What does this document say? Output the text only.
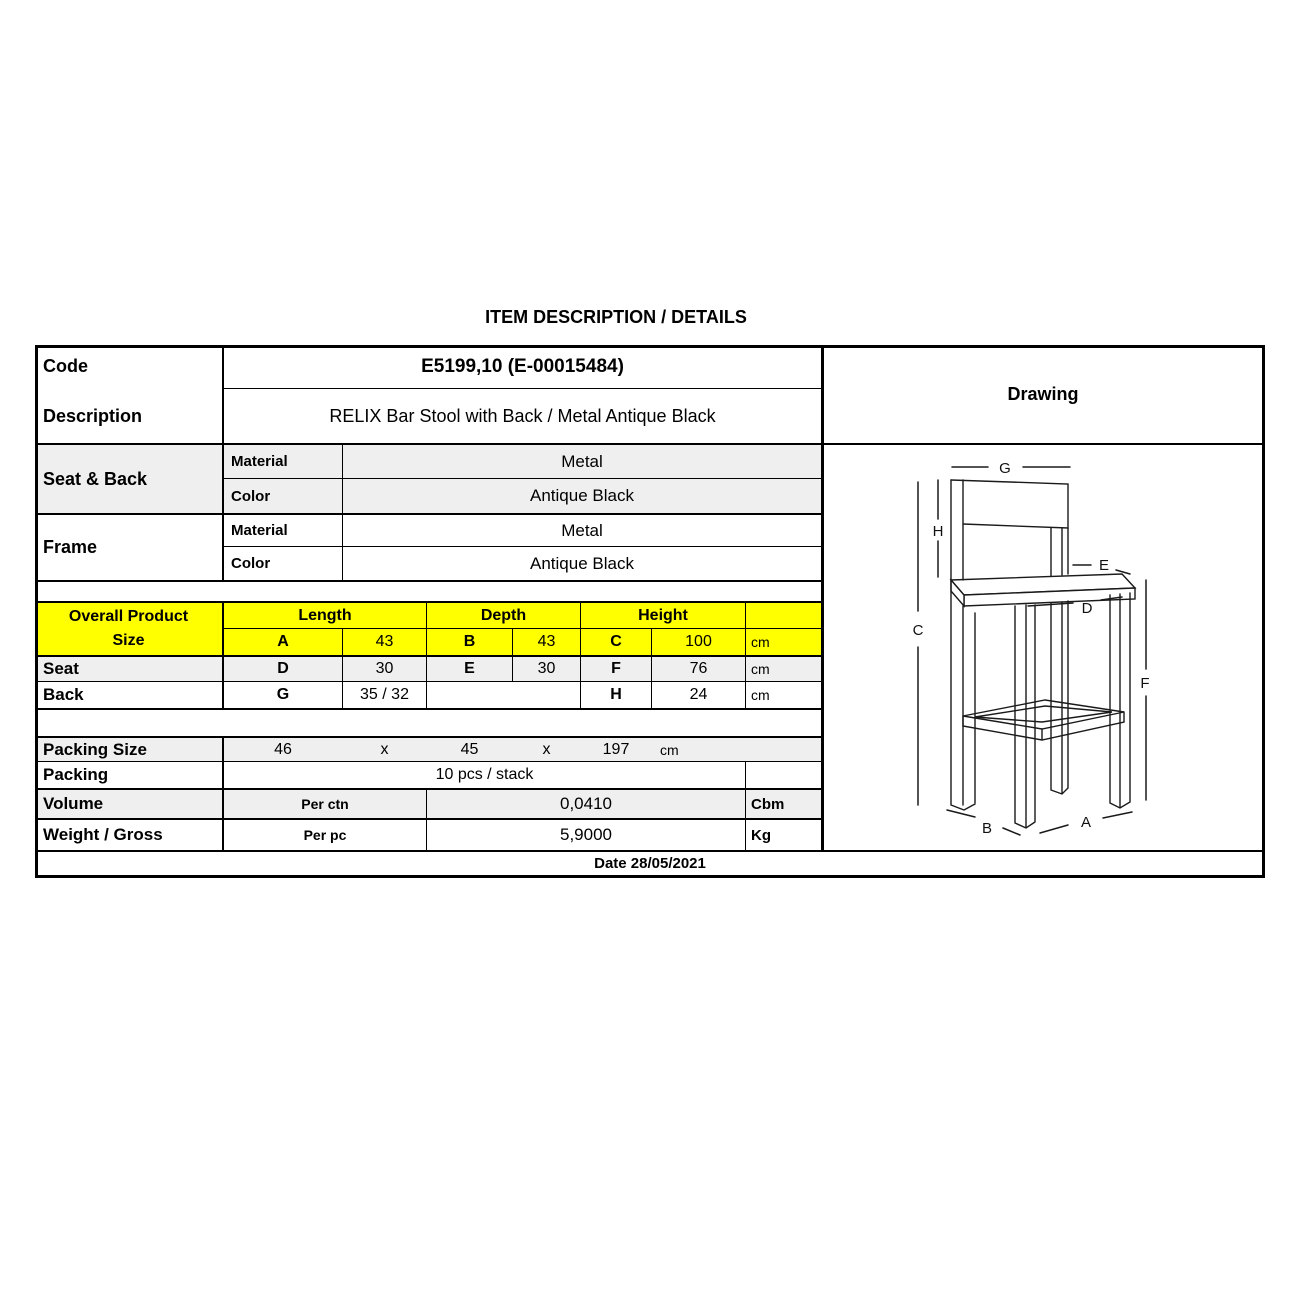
ITEM DESCRIPTION / DETAILS
Code	E5199,10 (E-00015484)
Description	RELIX Bar Stool with Back / Metal Antique Black
Seat & Back
Material	Metal
Color	Antique Black
Frame
Material	Metal
Color	Antique Black
Overall Product Size
Length	Depth	Height
A	43	B	43	C	100	cm
Seat	D	30	E	30	F	76	cm
Back	G	35 / 32	H	24	cm
Packing Size	46	x	45	x	197	cm
Packing	10 pcs / stack
Volume	Per ctn	0,0410	Cbm
Weight / Gross	Per pc	5,9000	Kg
Date
28/05/2021
Drawing
G
H
C
E
D
F
B	A
